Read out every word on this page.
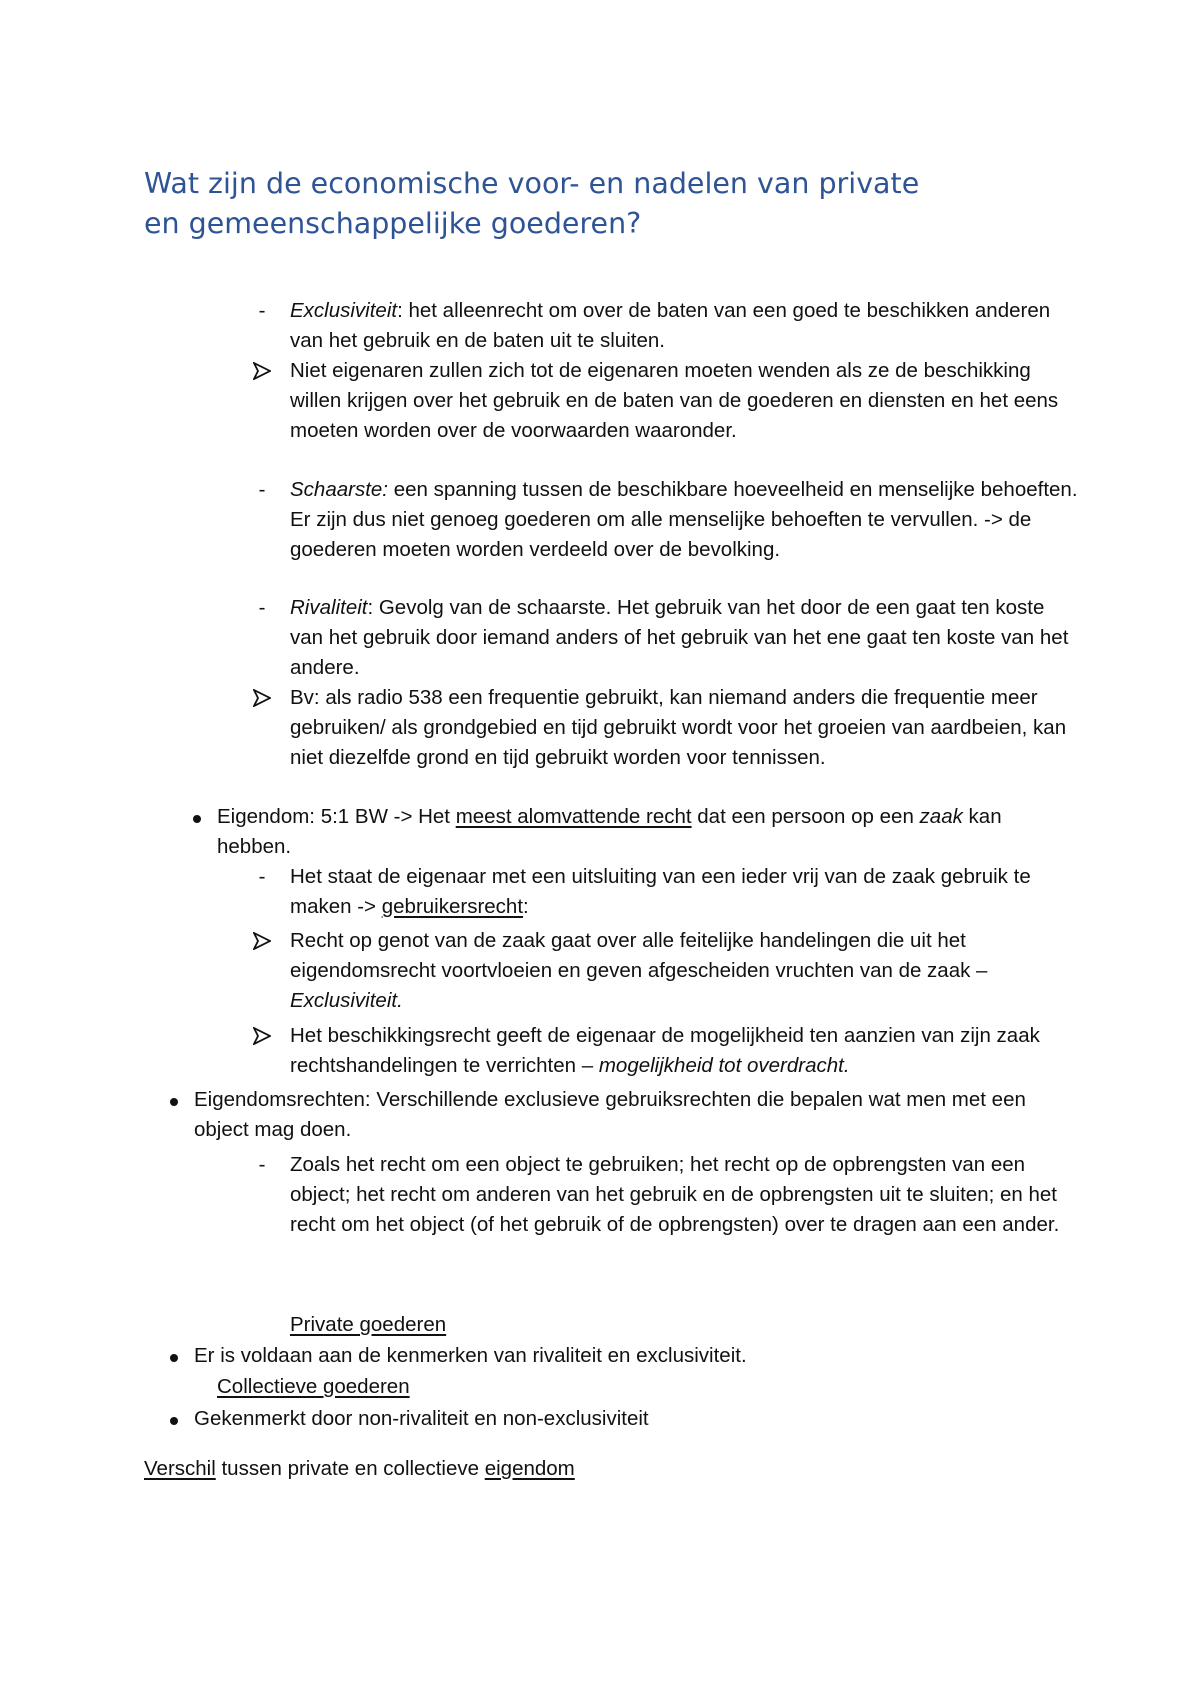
Wat zijn de economische voor- en nadelen van private
en gemeenschappelijke goederen?
-	Exclusiviteit: het alleenrecht om over de baten van een goed te beschikken anderen van het gebruik en de baten uit te sluiten.

Niet eigenaren zullen zich tot de eigenaren moeten wenden als ze de beschikking willen krijgen over het gebruik en de baten van de goederen en diensten en het eens moeten worden over de voorwaarden waaronder.

-	Schaarste: een spanning tussen de beschikbare hoeveelheid en menselijke behoeften. Er zijn dus niet genoeg goederen om alle menselijke behoeften te vervullen. -> de goederen moeten worden verdeeld over de bevolking.

-	Rivaliteit: Gevolg van de schaarste. Het gebruik van het door de een gaat ten koste van het gebruik door iemand anders of het gebruik van het ene gaat ten koste van het andere.

Bv: als radio 538 een frequentie gebruikt, kan niemand anders die frequentie meer gebruiken/ als grondgebied en tijd gebruikt wordt voor het groeien van aardbeien, kan niet diezelfde grond en tijd gebruikt worden voor tennissen.

Eigendom: 5:1 BW -> Het meest alomvattende recht dat een persoon op een zaak kan hebben.

-	Het staat de eigenaar met een uitsluiting van een ieder vrij van de zaak gebruik te maken -> gebruikersrecht:

Recht op genot van de zaak gaat over alle feitelijke handelingen die uit het eigendomsrecht voortvloeien en geven afgescheiden vruchten van de zaak – Exclusiviteit.

Het beschikkingsrecht geeft de eigenaar de mogelijkheid ten aanzien van zijn zaak rechtshandelingen te verrichten – mogelijkheid tot overdracht.

Eigendomsrechten: Verschillende exclusieve gebruiksrechten die bepalen wat men met een object mag doen.

-	Zoals het recht om een object te gebruiken; het recht op de opbrengsten van een object; het recht om anderen van het gebruik en de opbrengsten uit te sluiten; en het recht om het object (of het gebruik of de opbrengsten) over te dragen aan een ander.

Private goederen

Er is voldaan aan de kenmerken van rivaliteit en exclusiviteit.

Collectieve goederen

Gekenmerkt door non-rivaliteit en non-exclusiviteit

Verschil tussen private en collectieve eigendom
